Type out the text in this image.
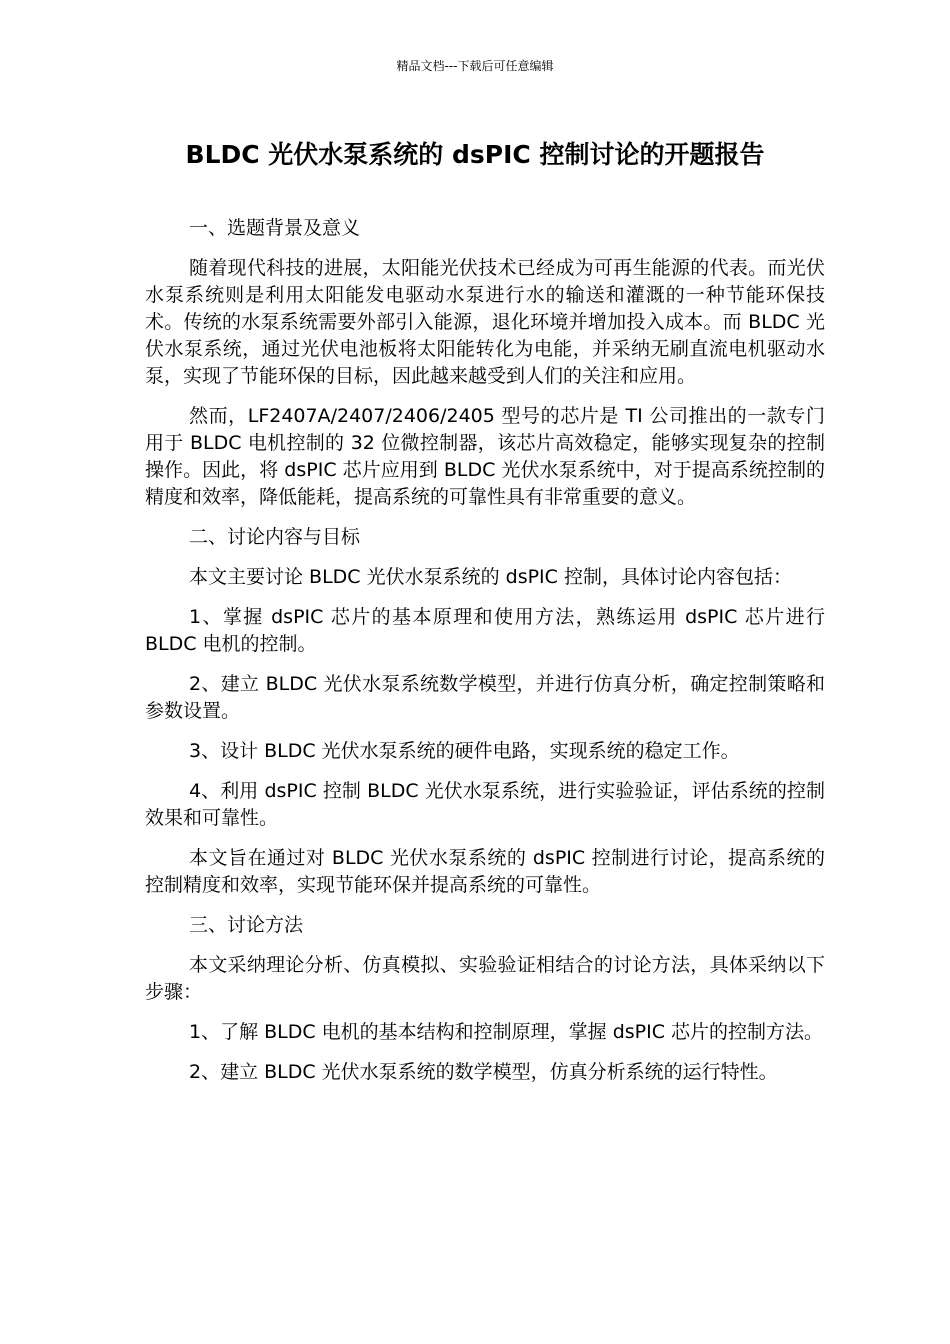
精品文档---下载后可任意编辑
BLDC 光伏水泵系统的 dsPIC 控制讨论的开题报告

一、选题背景及意义

随着现代科技的进展，太阳能光伏技术已经成为可再生能源的代表。而光伏水泵系统则是利用太阳能发电驱动水泵进行水的输送和灌溉的一种节能环保技术。传统的水泵系统需要外部引入能源，退化环境并增加投入成本。而 BLDC 光伏水泵系统，通过光伏电池板将太阳能转化为电能，并采纳无刷直流电机驱动水泵，实现了节能环保的目标，因此越来越受到人们的关注和应用。

然而，LF2407A/2407/2406/2405 型号的芯片是 TI 公司推出的一款专门用于 BLDC 电机控制的 32 位微控制器，该芯片高效稳定，能够实现复杂的控制操作。因此，将 dsPIC 芯片应用到 BLDC 光伏水泵系统中，对于提高系统控制的精度和效率，降低能耗，提高系统的可靠性具有非常重要的意义。

二、讨论内容与目标

本文主要讨论 BLDC 光伏水泵系统的 dsPIC 控制，具体讨论内容包括：

1、掌握 dsPIC 芯片的基本原理和使用方法，熟练运用 dsPIC 芯片进行 BLDC 电机的控制。

2、建立 BLDC 光伏水泵系统数学模型，并进行仿真分析，确定控制策略和参数设置。

3、设计 BLDC 光伏水泵系统的硬件电路，实现系统的稳定工作。

4、利用 dsPIC 控制 BLDC 光伏水泵系统，进行实验验证，评估系统的控制效果和可靠性。

本文旨在通过对 BLDC 光伏水泵系统的 dsPIC 控制进行讨论，提高系统的控制精度和效率，实现节能环保并提高系统的可靠性。

三、讨论方法

本文采纳理论分析、仿真模拟、实验验证相结合的讨论方法，具体采纳以下步骤：

1、了解 BLDC 电机的基本结构和控制原理，掌握 dsPIC 芯片的控制方法。

2、建立 BLDC 光伏水泵系统的数学模型，仿真分析系统的运行特性。
